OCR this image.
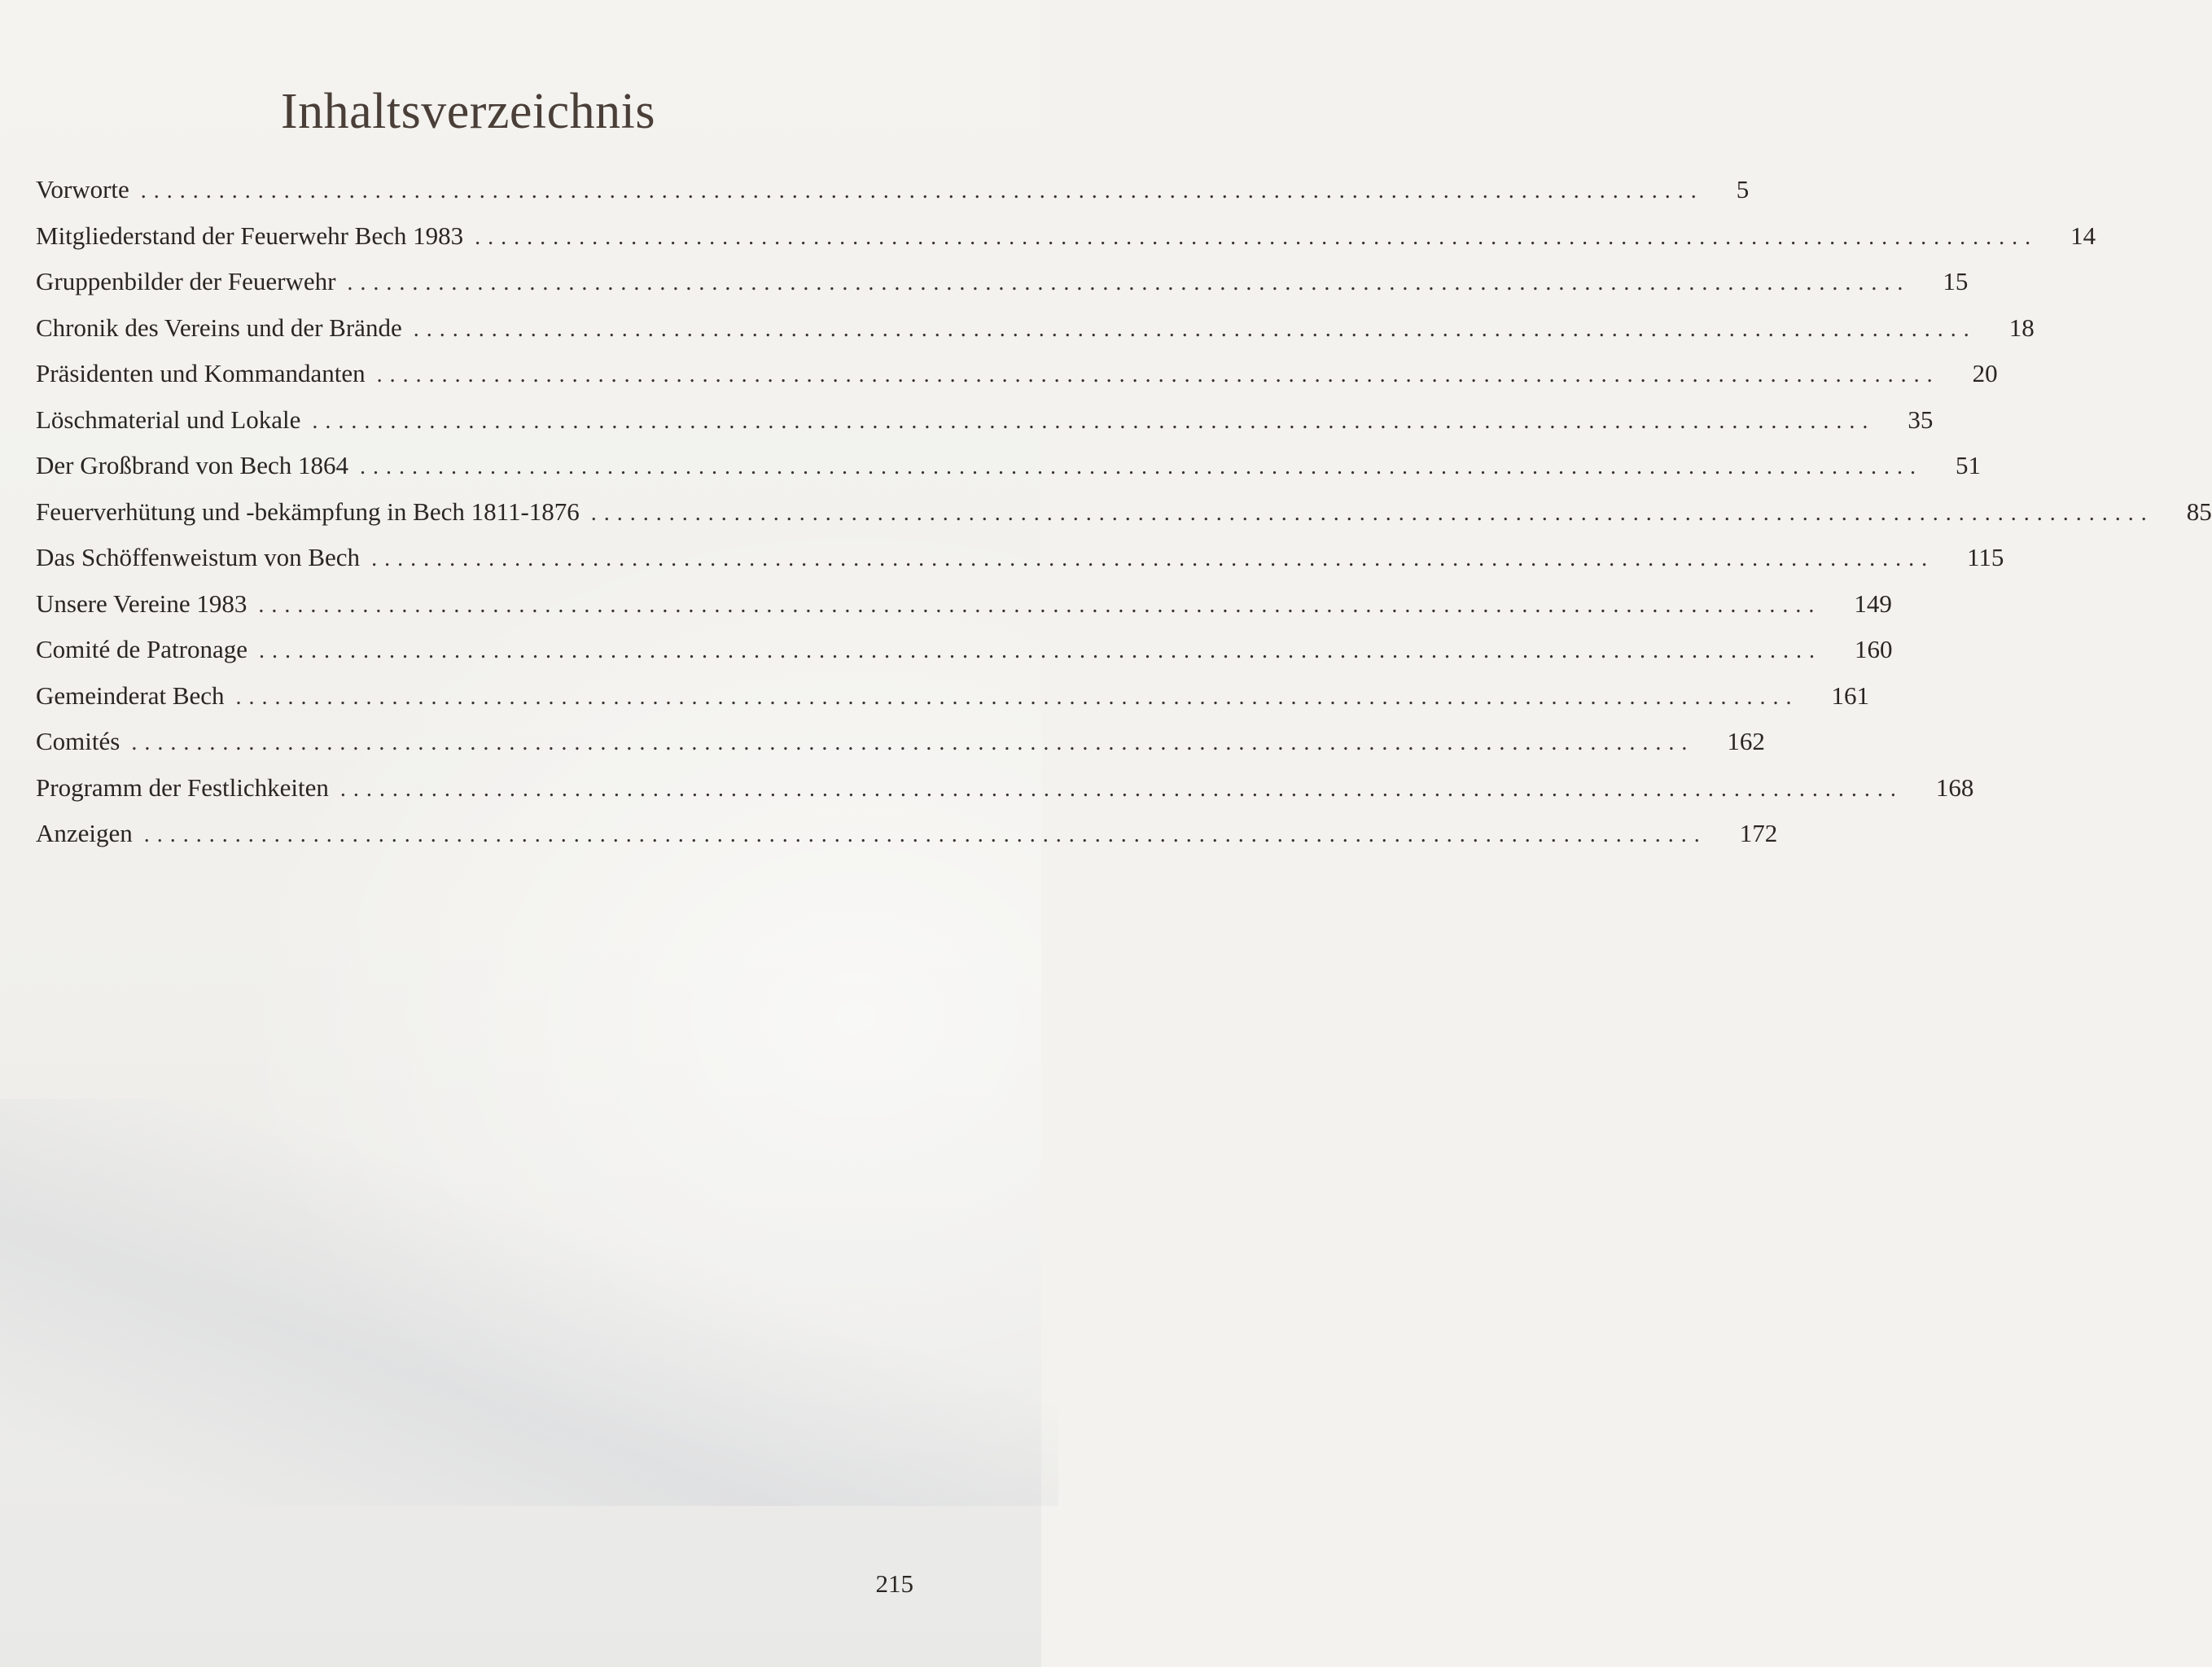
Inhaltsverzeichnis
Vorworte ........................................................................................................................ 5
Mitgliederstand der Feuerwehr Bech 1983 ........................................................................................................................ 14
Gruppenbilder der Feuerwehr ........................................................................................................................ 15
Chronik des Vereins und der Brände ........................................................................................................................ 18
Präsidenten und Kommandanten ........................................................................................................................ 20
Löschmaterial und Lokale ........................................................................................................................ 35
Der Großbrand von Bech 1864 ........................................................................................................................ 51
Feuerverhütung und -bekämpfung in Bech 1811-1876 ........................................................................................................................ 85
Das Schöffenweistum von Bech ........................................................................................................................ 115
Unsere Vereine 1983 ........................................................................................................................ 149
Comité de Patronage ........................................................................................................................ 160
Gemeinderat Bech ........................................................................................................................ 161
Comités ........................................................................................................................ 162
Programm der Festlichkeiten ........................................................................................................................ 168
Anzeigen ........................................................................................................................ 172
215
